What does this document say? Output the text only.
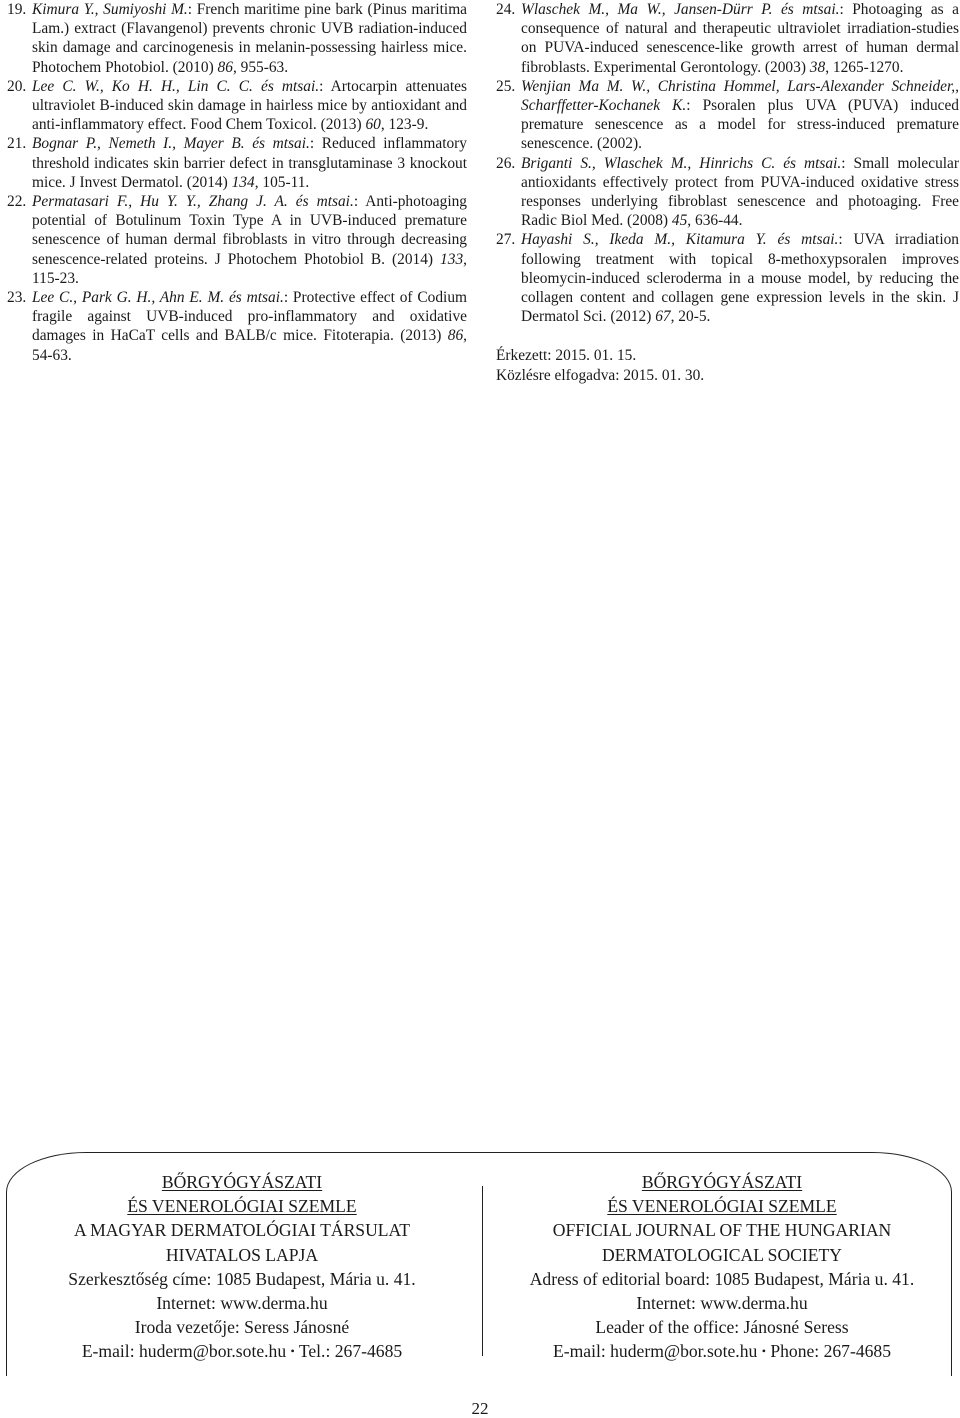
19. Kimura Y., Sumiyoshi M.: French maritime pine bark (Pinus maritima Lam.) extract (Flavangenol) prevents chronic UVB radiation-induced skin damage and carcinogenesis in melanin-possessing hairless mice. Photochem Photobiol. (2010) 86, 955-63.

20. Lee C. W., Ko H. H., Lin C. C. és mtsai.: Artocarpin attenuates ultraviolet B-induced skin damage in hairless mice by antioxidant and anti-inflammatory effect. Food Chem Toxicol. (2013) 60, 123-9.

21. Bognar P., Nemeth I., Mayer B. és mtsai.: Reduced inflammatory threshold indicates skin barrier defect in transglutaminase 3 knockout mice. J Invest Dermatol. (2014) 134, 105-11.

22. Permatasari F., Hu Y. Y., Zhang J. A. és mtsai.: Anti-photoaging potential of Botulinum Toxin Type A in UVB-induced premature senescence of human dermal fibroblasts in vitro through decreasing senescence-related proteins. J Photochem Photobiol B. (2014) 133, 115-23.

23. Lee C., Park G. H., Ahn E. M. és mtsai.: Protective effect of Codium fragile against UVB-induced pro-inflammatory and oxidative damages in HaCaT cells and BALB/c mice. Fitoterapia. (2013) 86, 54-63.

24. Wlaschek M., Ma W., Jansen-Dürr P. és mtsai.: Photoaging as a consequence of natural and therapeutic ultraviolet irradiation-studies on PUVA-induced senescence-like growth arrest of human dermal fibroblasts. Experimental Gerontology. (2003) 38, 1265-1270.

25. Wenjian Ma M. W., Christina Hommel, Lars-Alexander Schneider,, Scharffetter-Kochanek K.: Psoralen plus UVA (PUVA) induced premature senescence as a model for stress-induced premature senescence. (2002).

26. Briganti S., Wlaschek M., Hinrichs C. és mtsai.: Small molecular antioxidants effectively protect from PUVA-induced oxidative stress responses underlying fibroblast senescence and photoaging. Free Radic Biol Med. (2008) 45, 636-44.

27. Hayashi S., Ikeda M., Kitamura Y. és mtsai.: UVA irradiation following treatment with topical 8-methoxypsoralen improves bleomycin-induced scleroderma in a mouse model, by reducing the collagen content and collagen gene expression levels in the skin. J Dermatol Sci. (2012) 67, 20-5.

Érkezett: 2015. 01. 15.
Közlésre elfogadva: 2015. 01. 30.
BŐRGYÓGYÁSZATI
ÉS VENEROLÓGIAI SZEMLE
A MAGYAR DERMATOLÓGIAI TÁRSULAT
HIVATALOS LAPJA
Szerkesztőség címe: 1085 Budapest, Mária u. 41.
Internet: www.derma.hu
Iroda vezetője: Seress Jánosné
E-mail: huderm@bor.sote.hu • Tel.: 267-4685
BŐRGYÓGYÁSZATI
ÉS VENEROLÓGIAI SZEMLE
OFFICIAL JOURNAL OF THE HUNGARIAN
DERMATOLOGICAL SOCIETY
Adress of editorial board: 1085 Budapest, Mária u. 41.
Internet: www.derma.hu
Leader of the office: Jánosné Seress
E-mail: huderm@bor.sote.hu • Phone: 267-4685
22
